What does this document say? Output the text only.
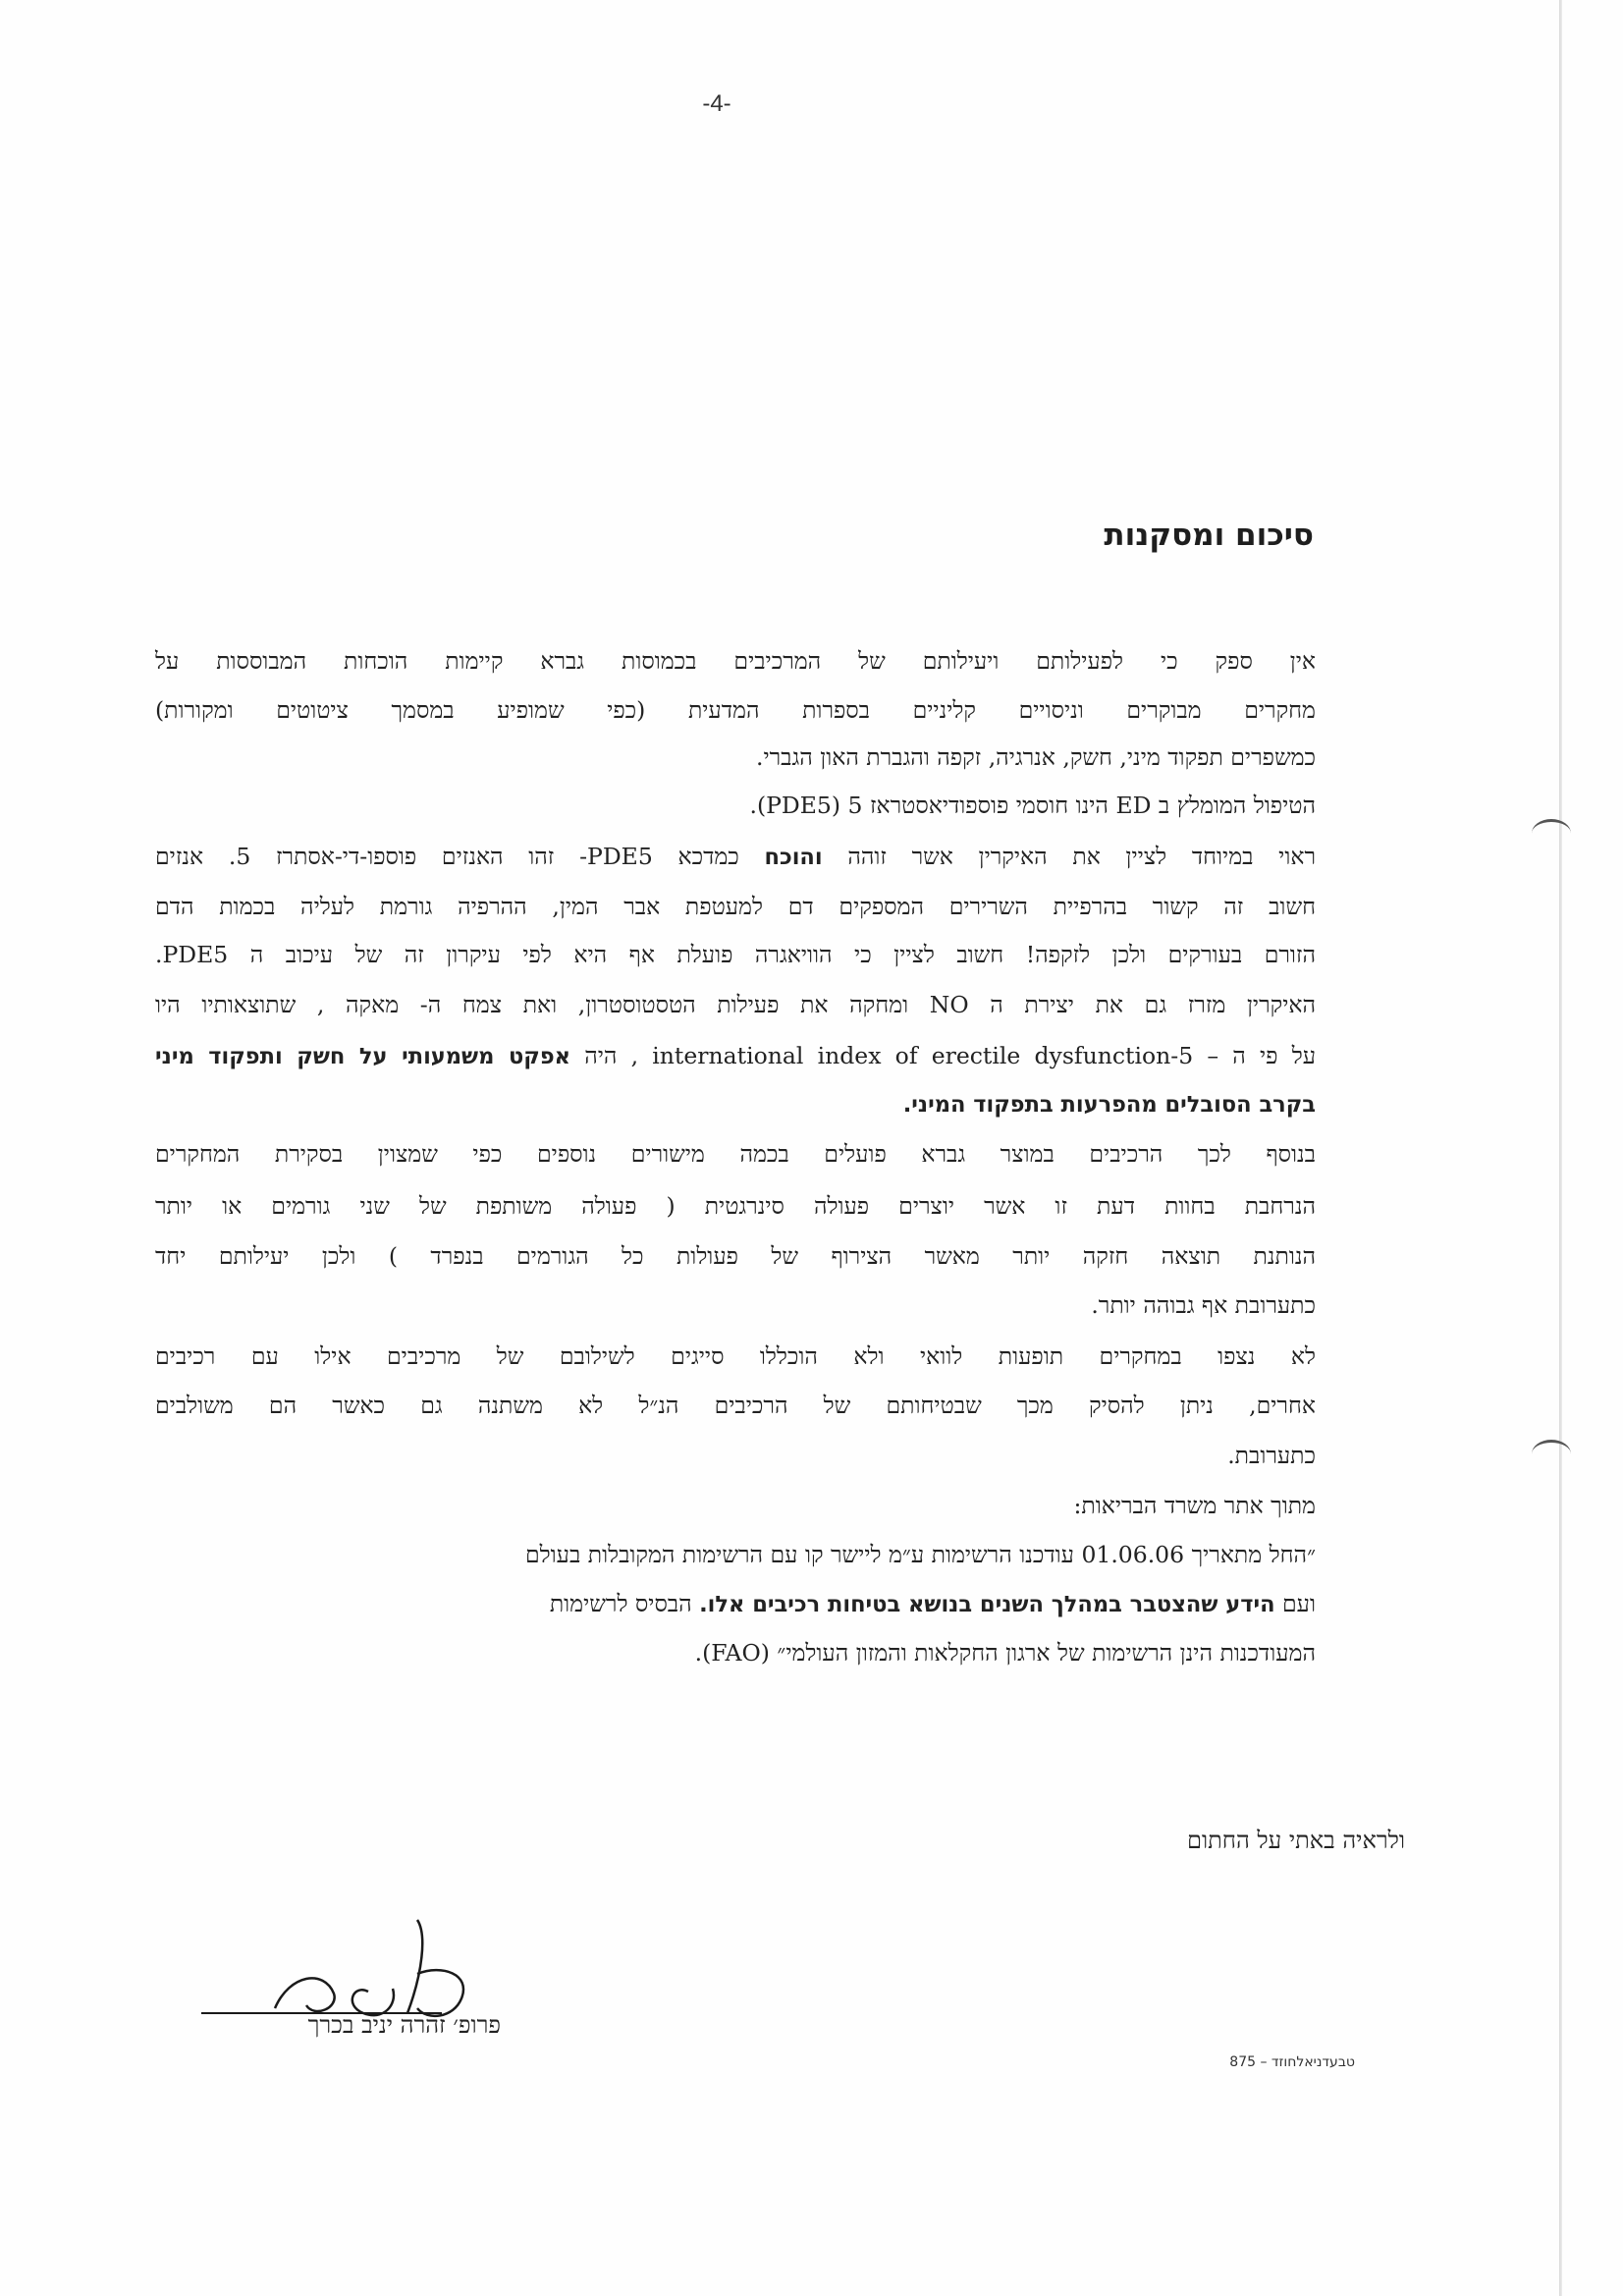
-4-
סיכום ומסקנות
אין ספק כי לפעילותם ויעילותם של המרכיבים בכמוסות גברא קיימות הוכחות המבוססות על
מחקרים מבוקרים וניסויים קליניים בספרות המדעית (כפי שמופיע במסמך ציטוטים ומקורות)
כמשפרים תפקוד מיני, חשק, אנרגיה, זקפה והגברת האון הגברי.
הטיפול המומלץ ב ED הינו חוסמי פוספודיאסטראז 5 (PDE5).
ראוי במיוחד לציין את האיקרין אשר זוהה והוכח כמדכא PDE5- זהו האנזים פוספו-די-אסתרז 5. אנזים
חשוב זה קשור בהרפיית השרירים המספקים דם למעטפת אבר המין, ההרפיה גורמת לעליה בכמות הדם
הזורם בעורקים ולכן לזקפה! חשוב לציין כי הוויאגרה פועלת אף היא לפי עיקרון זה של עיכוב ה PDE5.
האיקרין מזרז גם את יצירת ה NO ומחקה את פעילות הטסטוסטרון, ואת צמח ה- מאקה , שתוצאותיו היו
על פי ה – international index of erectile dysfunction-5 , היה אפקט משמעותי על חשק ותפקוד מיני
בקרב הסובלים מהפרעות בתפקוד המיני.
בנוסף לכך הרכיבים במוצר גברא פועלים בכמה מישורים נוספים כפי שמצוין בסקירת המחקרים
הנרחבת בחוות דעת זו אשר יוצרים פעולה סינרגטית ( פעולה משותפת של שני גורמים או יותר
הנותנת תוצאה חזקה יותר מאשר הצירוף של פעולות כל הגורמים בנפרד ) ולכן יעילותם יחד
כתערובת אף גבוהה יותר.
לא נצפו במחקרים תופעות לוואי ולא הוכללו סייגים לשילובם של מרכיבים אילו עם רכיבים
אחרים, ניתן להסיק מכך שבטיחותם של הרכיבים הנ״ל לא משתנה גם כאשר הם משולבים
כתערובת.
מתוך אתר משרד הבריאות:
״החל מתאריך 01.06.06 עודכנו הרשימות ע״מ ליישר קו עם הרשימות המקובלות בעולם
ועם הידע שהצטבר במהלך השנים בנושא בטיחות רכיבים אלו. הבסיס לרשימות
המעודכנות הינן הרשימות של ארגון החקלאות והמזון העולמי״ (FAO).
ולראיה באתי על החתום
פרופ׳ זהרה יניב בכרך
טבעדניאלחוזד – 875
